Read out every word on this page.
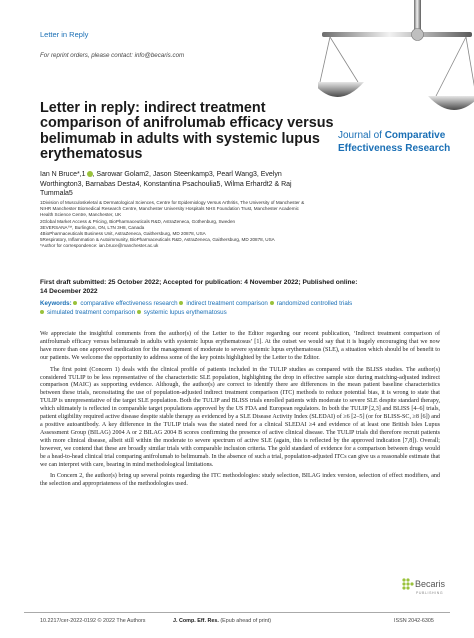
Letter in Reply
For reprint orders, please contact: info@becaris.com
Letter in reply: indirect treatment comparison of anifrolumab efficacy versus belimumab in adults with systemic lupus erythematosus
Journal of Comparative
Effectiveness Research
Ian N Bruce*,1 , Sarowar Golam2, Jason Steenkamp3, Pearl Wang3, Evelyn
Worthington3, Barnabas Desta4, Konstantina Psachoulia5, Wilma Erhardt2 & Raj
Tummala5
1Division of Musculoskeletal & Dermatological Sciences, Centre for Epidemiology Versus Arthritis, The University of Manchester &
NIHR Manchester Biomedical Research Centre, Manchester University Hospitals NHS Foundation Trust, Manchester Academic
Health Science Centre, Manchester, UK
2Global Market Access & Pricing, BioPharmaceuticals R&D, AstraZeneca, Gothenburg, Sweden
3EVERSANA™, Burlington, ON, L7N 3H8, Canada
4BioPharmaceuticals Business Unit, AstraZeneca, Gaithersburg, MD 20878, USA
5Respiratory, Inflammation & Autoimmunity, BioPharmaceuticals R&D, AstraZeneca, Gaithersburg, MD 20878, USA
*Author for correspondence: ian.bruce@manchester.ac.uk
First draft submitted: 25 October 2022; Accepted for publication: 4 November 2022; Published online:
14 December 2022
Keywords: comparative effectiveness research indirect treatment comparison randomized controlled trials
simulated treatment comparison systemic lupus erythematosus

We appreciate the insightful comments from the author(s) of the Letter to the Editor regarding our recent publication, ‘Indirect treatment comparison of anifrolumab efficacy versus belimumab in adults with systemic lupus erythematosus’ [1]. At the outset we would say that it is hugely encouraging that we now have more than one approved medication for the management of moderate to severe systemic lupus erythematosus (SLE), a situation which should be of benefit to our patients. We welcome the opportunity to address some of the key points highlighted by the Letter to the Editor.

The first point (Concern 1) deals with the clinical profile of patients included in the TULIP studies as compared with the BLISS studies. The author(s) considered TULIP to be less representative of the characteristic SLE population, highlighting the drop in effective sample size during matching-adjusted indirect comparison (MAIC) as supporting evidence. Although, the author(s) are correct to identify there are differences in the mean patient baseline characteristics between these trials, necessitating the use of population-adjusted indirect treatment comparison (ITC) methods to reduce potential bias, it is wrong to state that TULIP is unrepresentative of the target SLE population. Both the TULIP and BLISS trials enrolled patients with moderate to severe SLE despite standard therapy, which ultimately is reflected in comparable target populations approved by the US FDA and European regulators. In both the TULIP [2,3] and BLISS [4–6] trials, patient eligibility required active disease despite stable therapy as evidenced by a SLE Disease Activity Index (SLEDAI) of ≥6 [2–5] (or for BLISS-SC, ≥8 [6]) and a positive autoantibody. A key difference in the TULIP trials was the stated need for a clinical SLEDAI ≥4 and evidence of at least one British Isles Lupus Assessment Group (BILAG) 2004 A or 2 BILAG 2004 B scores confirming the presence of active clinical disease. The TULIP trials did therefore recruit patients with more clinical disease, albeit still within the moderate to severe spectrum of active SLE (again, this is reflected by the approved indication [7,8]). Overall; however, we contend that these are broadly similar trials with comparable inclusion criteria. The gold standard of evidence for a comparison between drugs would be a head-to-head clinical trial comparing anifrolumab to belimumab. In the absence of such a trial, population-adjusted ITCs can give us a reasonable estimate that we can interpret with care, bearing in mind methodological limitations.

In Concern 2, the author(s) bring up several points regarding the ITC methodologies: study selection, BILAG index version, selection of effect modifiers, and the selection and appropriateness of the methodologies used.

Becaris
PUBLISHING
10.2217/cer-2022-0192 © 2022 The Authors	J. Comp. Eff. Res. (Epub ahead of print)	ISSN 2042-6305
